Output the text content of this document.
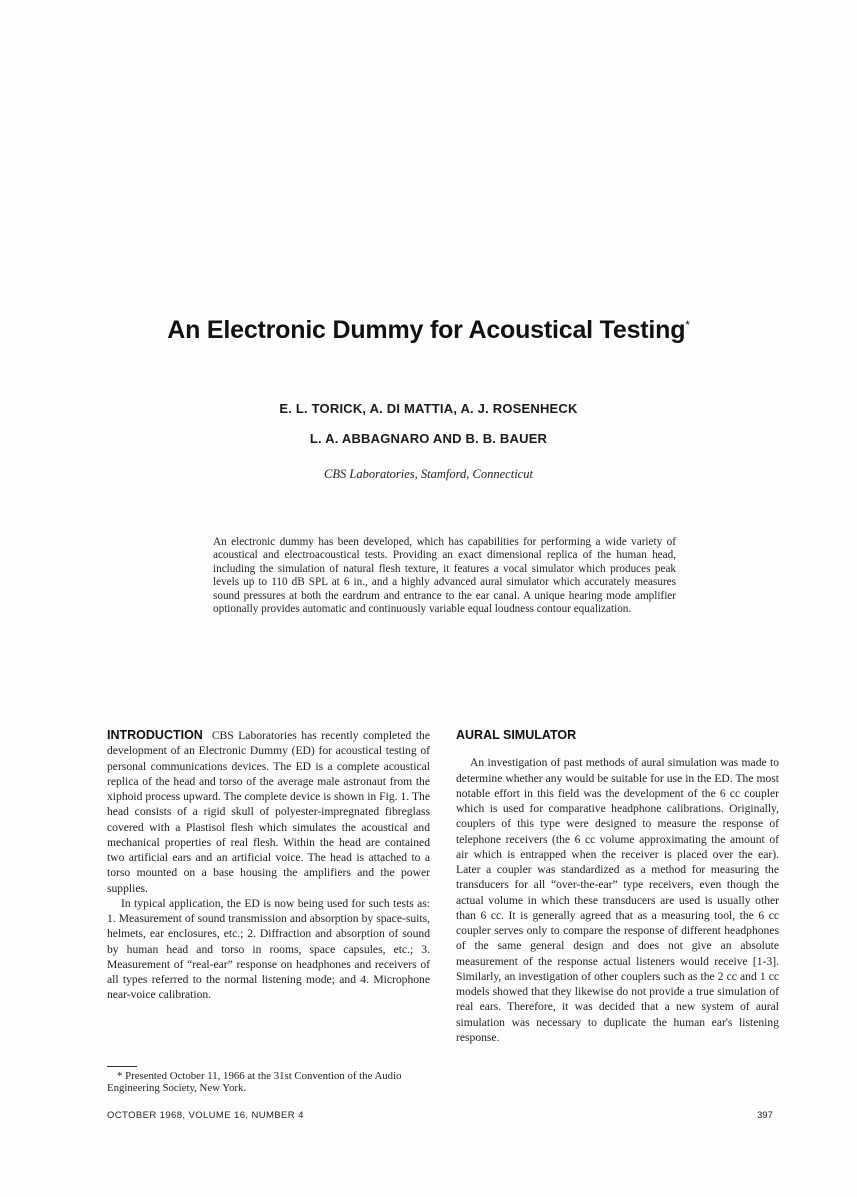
An Electronic Dummy for Acoustical Testing*
E. L. TORICK, A. DI MATTIA, A. J. ROSENHECK
L. A. ABBAGNARO AND B. B. BAUER
CBS Laboratories, Stamford, Connecticut
An electronic dummy has been developed, which has capabilities for performing a wide variety of acoustical and electroacoustical tests. Providing an exact dimensional replica of the human head, including the simulation of natural flesh texture, it features a vocal simulator which produces peak levels up to 110 dB SPL at 6 in., and a highly advanced aural simulator which accurately measures sound pressures at both the eardrum and entrance to the ear canal. A unique hearing mode amplifier optionally provides automatic and continuously variable equal loudness contour equalization.

INTRODUCTION CBS Laboratories has recently completed the development of an Electronic Dummy (ED) for acoustical testing of personal communications devices. The ED is a complete acoustical replica of the head and torso of the average male astronaut from the xiphoid process upward. The complete device is shown in Fig. 1. The head consists of a rigid skull of polyester-impregnated fibreglass covered with a Plastisol flesh which simulates the acoustical and mechanical properties of real flesh. Within the head are contained two artificial ears and an artificial voice. The head is attached to a torso mounted on a base housing the amplifiers and the power supplies.

In typical application, the ED is now being used for such tests as: 1. Measurement of sound transmission and absorption by space-suits, helmets, ear enclosures, etc.; 2. Diffraction and absorption of sound by human head and torso in rooms, space capsules, etc.; 3. Measurement of “real-ear” response on headphones and receivers of all types referred to the normal listening mode; and 4. Microphone near-voice calibration.

AURAL SIMULATOR

An investigation of past methods of aural simulation was made to determine whether any would be suitable for use in the ED. The most notable effort in this field was the development of the 6 cc coupler which is used for comparative headphone calibrations. Originally, couplers of this type were designed to measure the response of telephone receivers (the 6 cc volume approximating the amount of air which is entrapped when the receiver is placed over the ear). Later a coupler was standardized as a method for measuring the transducers for all “over-the-ear” type receivers, even though the actual volume in which these transducers are used is usually other than 6 cc. It is generally agreed that as a measuring tool, the 6 cc coupler serves only to compare the response of different headphones of the same general design and does not give an absolute measurement of the response actual listeners would receive [1-3]. Similarly, an investigation of other couplers such as the 2 cc and 1 cc models showed that they likewise do not provide a true simulation of real ears. Therefore, it was decided that a new system of aural simulation was necessary to duplicate the human ear's listening response.

* Presented October 11, 1966 at the 31st Convention of the Audio Engineering Society, New York.
OCTOBER 1968, VOLUME 16, NUMBER 4	397
